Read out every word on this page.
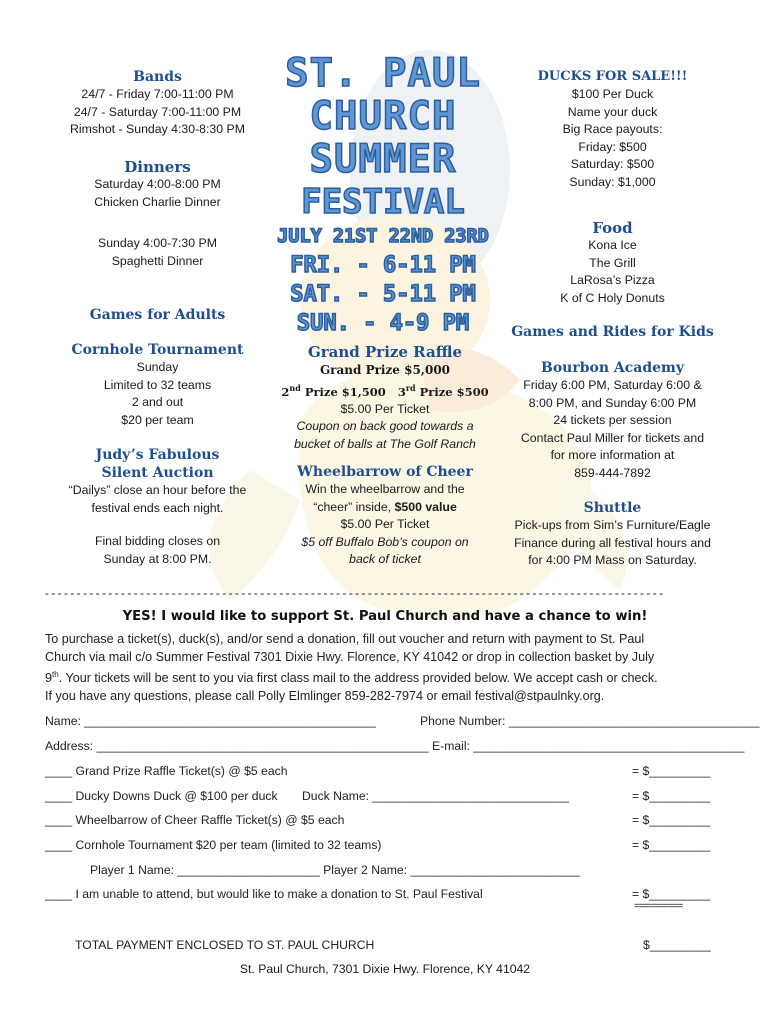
ST. PAUL
CHURCH
SUMMER
FESTIVAL
JULY 21ST 22ND 23RD
FRI. - 6-11 PM
SAT. - 5-11 PM
SUN. - 4-9 PM
Bands
24/7 - Friday 7:00-11:00 PM
24/7 - Saturday 7:00-11:00 PM
Rimshot - Sunday 4:30-8:30 PM
Dinners
Saturday 4:00-8:00 PM
Chicken Charlie Dinner
Sunday 4:00-7:30 PM
Spaghetti Dinner
Games for Adults
Cornhole Tournament
Sunday
Limited to 32 teams
2 and out
$20 per team
Judy’s Fabulous
Silent Auction
“Dailys” close an hour before the
festival ends each night.
Final bidding closes on
Sunday at 8:00 PM.
DUCKS FOR SALE!!!
$100 Per Duck
Name your duck
Big Race payouts:
Friday: $500
Saturday: $500
Sunday: $1,000
Food
Kona Ice
The Grill
LaRosa’s Pizza
K of C Holy Donuts
Games and Rides for Kids
Bourbon Academy
Friday 6:00 PM, Saturday 6:00 &
8:00 PM, and Sunday 6:00 PM
24 tickets per session
Contact Paul Miller for tickets and
for more information at
859-444-7892
Shuttle
Pick-ups from Sim’s Furniture/Eagle
Finance during all festival hours and
for 4:00 PM Mass on Saturday.
Grand Prize Raffle
Grand Prize $5,000
2nd Prize $1,500 3rd Prize $500
$5.00 Per Ticket
Coupon on back good towards a
bucket of balls at The Golf Ranch
Wheelbarrow of Cheer
Win the wheelbarrow and the
“cheer” inside, $500 value
$5.00 Per Ticket
$5 off Buffalo Bob’s coupon on
back of ticket
- - - - - - - - - - - - - - - - - - - - - - - - - - - - - - - - - - - - - - - - - - - - - - - - - - - - - - - - - - - - - - - - - - - - - - - - - - - - - - - - - - - - - - - - - - - - - - - - - -
YES! I would like to support St. Paul Church and have a chance to win!
To purchase a ticket(s), duck(s), and/or send a donation, fill out voucher and return with payment to St. Paul
Church via mail c/o Summer Festival 7301 Dixie Hwy. Florence, KY 41042 or drop in collection basket by July
9th. Your tickets will be sent to you via first class mail to the address provided below. We accept cash or check.
If you have any questions, please call Polly Elmlinger 859-282-7974 or email festival@stpaulnky.org.
Name: ___________________________________________	Phone Number: _____________________________________
Address: _________________________________________________ E-mail: ________________________________________
____ Grand Prize Raffle Ticket(s) @ $5 each	= $_________
____ Ducky Downs Duck @ $100 per duck Duck Name: _____________________________	= $_________
____ Wheelbarrow of Cheer Raffle Ticket(s) @ $5 each	= $_________
____ Cornhole Tournament $20 per team (limited to 32 teams)	= $_________
Player 1 Name: _____________________ Player 2 Name: _________________________
____ I am unable to attend, but would like to make a donation to St. Paul Festival	= $_________
==========
TOTAL PAYMENT ENCLOSED TO ST. PAUL CHURCH	$_________
St. Paul Church, 7301 Dixie Hwy. Florence, KY 41042
